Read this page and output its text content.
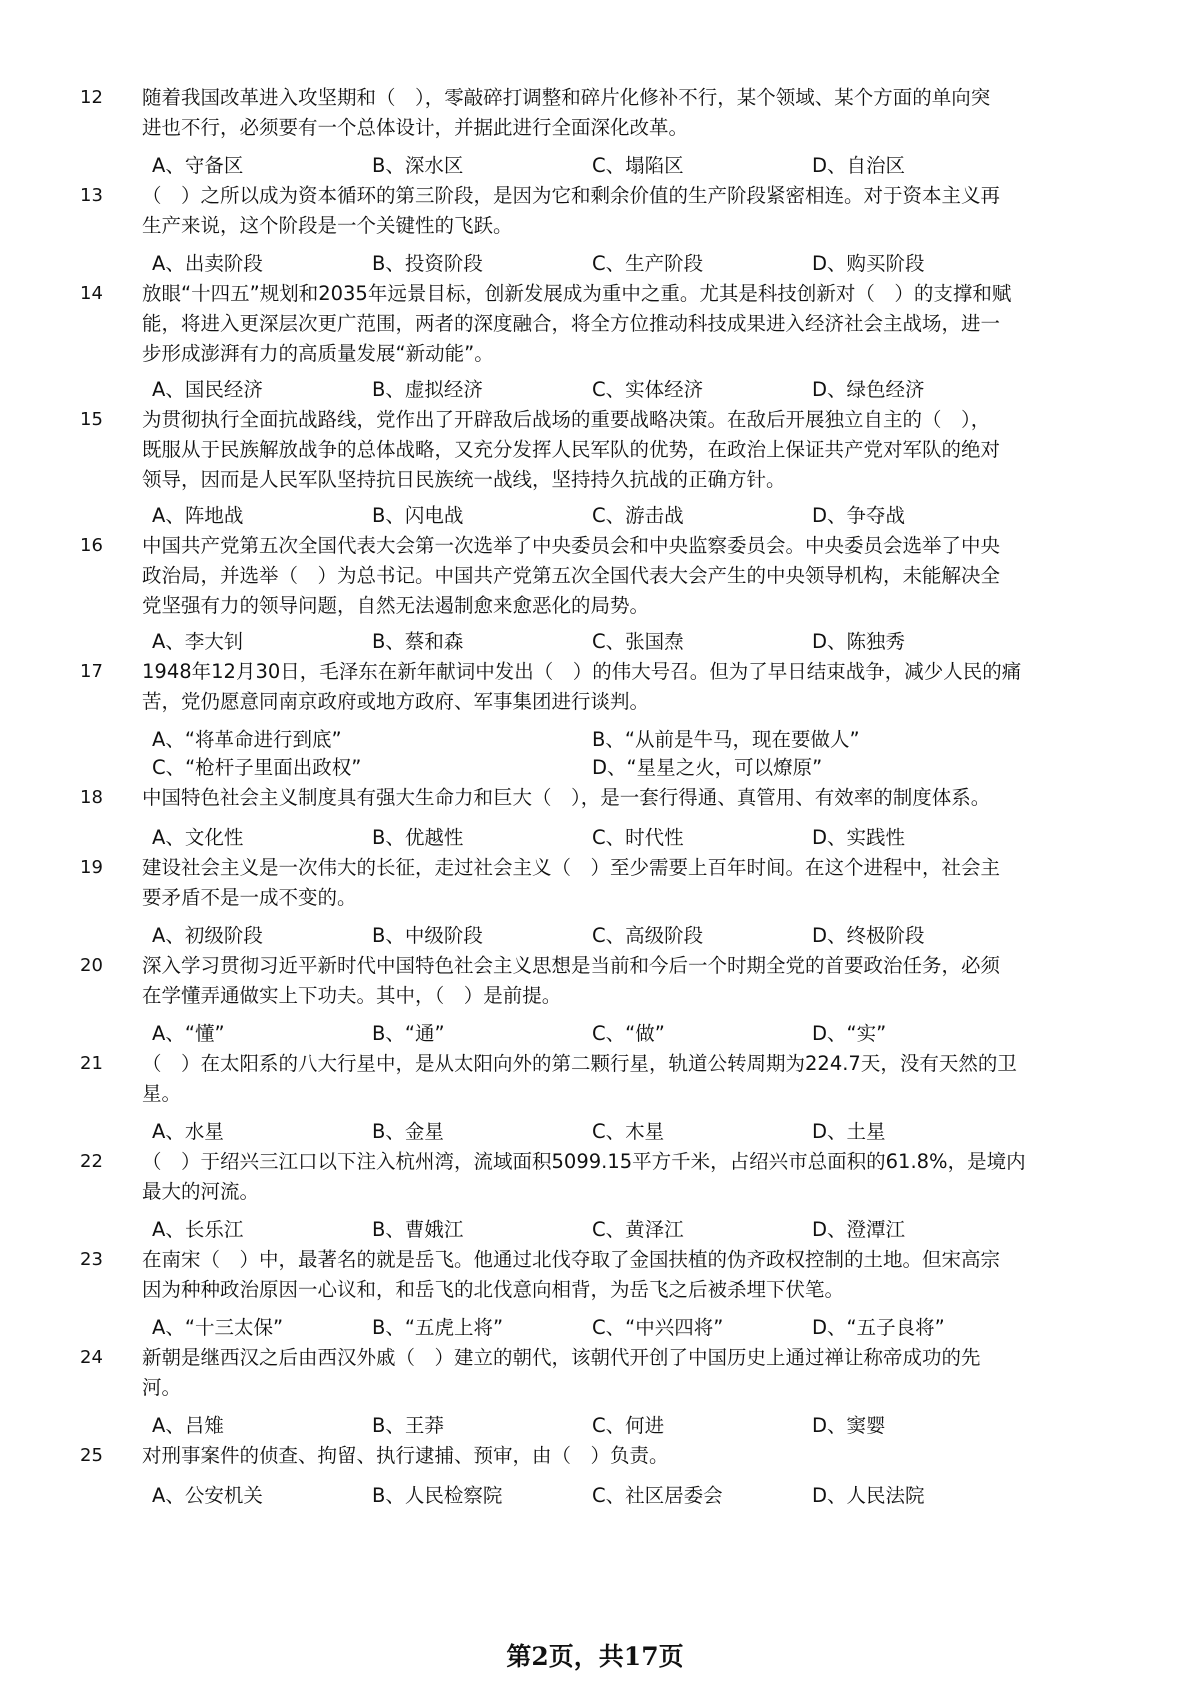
12	随着我国改革进入攻坚期和（　），零敲碎打调整和碎片化修补不行，某个领域、某个方面的单向突
进也不行，必须要有一个总体设计，并据此进行全面深化改革。
A、守备区	B、深水区	C、塌陷区	D、自治区
13	（　）之所以成为资本循环的第三阶段，是因为它和剩余价值的生产阶段紧密相连。对于资本主义再
生产来说，这个阶段是一个关键性的飞跃。
A、出卖阶段	B、投资阶段	C、生产阶段	D、购买阶段
14	放眼“十四五”规划和2035年远景目标，创新发展成为重中之重。尤其是科技创新对（　）的支撑和赋
能，将进入更深层次更广范围，两者的深度融合，将全方位推动科技成果进入经济社会主战场，进一
步形成澎湃有力的高质量发展“新动能”。
A、国民经济	B、虚拟经济	C、实体经济	D、绿色经济
15	为贯彻执行全面抗战路线，党作出了开辟敌后战场的重要战略决策。在敌后开展独立自主的（　），
既服从于民族解放战争的总体战略，又充分发挥人民军队的优势，在政治上保证共产党对军队的绝对
领导，因而是人民军队坚持抗日民族统一战线，坚持持久抗战的正确方针。
A、阵地战	B、闪电战	C、游击战	D、争夺战
16	中国共产党第五次全国代表大会第一次选举了中央委员会和中央监察委员会。中央委员会选举了中央
政治局，并选举（　）为总书记。中国共产党第五次全国代表大会产生的中央领导机构，未能解决全
党坚强有力的领导问题，自然无法遏制愈来愈恶化的局势。
A、李大钊	B、蔡和森	C、张国焘	D、陈独秀
17	1948年12月30日，毛泽东在新年献词中发出（　）的伟大号召。但为了早日结束战争，减少人民的痛
苦，党仍愿意同南京政府或地方政府、军事集团进行谈判。
A、“将革命进行到底”	B、“从前是牛马，现在要做人”
C、“枪杆子里面出政权”	D、“星星之火，可以燎原”
18	中国特色社会主义制度具有强大生命力和巨大（　），是一套行得通、真管用、有效率的制度体系。
A、文化性	B、优越性	C、时代性	D、实践性
19	建设社会主义是一次伟大的长征，走过社会主义（　）至少需要上百年时间。在这个进程中，社会主
要矛盾不是一成不变的。
A、初级阶段	B、中级阶段	C、高级阶段	D、终极阶段
20	深入学习贯彻习近平新时代中国特色社会主义思想是当前和今后一个时期全党的首要政治任务，必须
在学懂弄通做实上下功夫。其中，（　）是前提。
A、“懂”	B、“通”	C、“做”	D、“实”
21	（　）在太阳系的八大行星中，是从太阳向外的第二颗行星，轨道公转周期为224.7天，没有天然的卫
星。
A、水星	B、金星	C、木星	D、土星
22	（　）于绍兴三江口以下注入杭州湾，流域面积5099.15平方千米，占绍兴市总面积的61.8%，是境内
最大的河流。
A、长乐江	B、曹娥江	C、黄泽江	D、澄潭江
23	在南宋（　）中，最著名的就是岳飞。他通过北伐夺取了金国扶植的伪齐政权控制的土地。但宋高宗
因为种种政治原因一心议和，和岳飞的北伐意向相背，为岳飞之后被杀埋下伏笔。
A、“十三太保”	B、“五虎上将”	C、“中兴四将”	D、“五子良将”
24	新朝是继西汉之后由西汉外戚（　）建立的朝代，该朝代开创了中国历史上通过禅让称帝成功的先
河。
A、吕雉	B、王莽	C、何进	D、窦婴
25	对刑事案件的侦查、拘留、执行逮捕、预审，由（　）负责。
A、公安机关	B、人民检察院	C、社区居委会	D、人民法院
第2页，共17页
